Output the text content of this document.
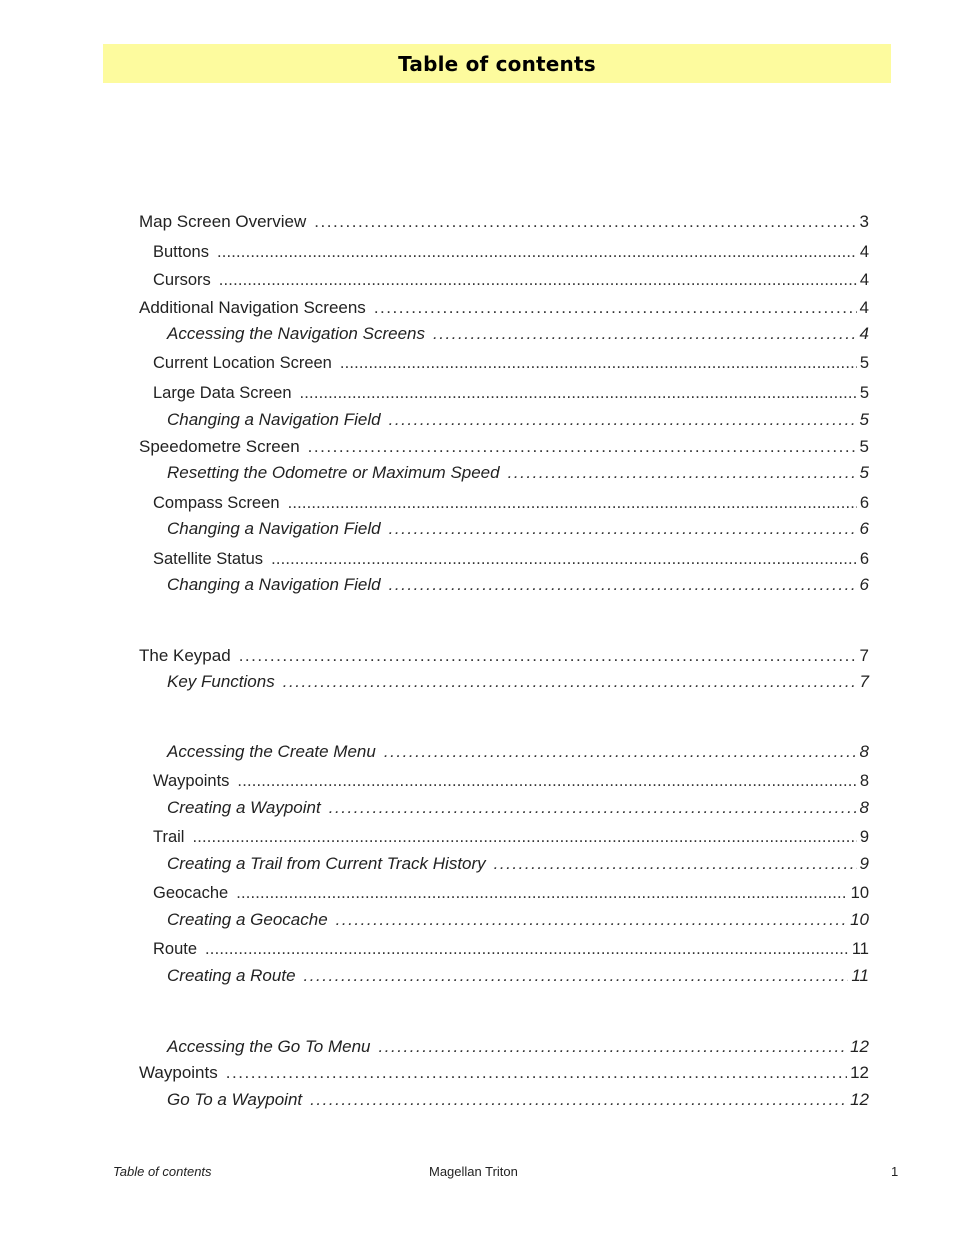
Table of contents
Map Screen Overview . . .	3
Buttons . . .	4
Cursors . . .	4
Additional Navigation Screens . . .	4
Accessing the Navigation Screens . . .	4
Current Location Screen . . .	5
Large Data Screen . . .	5
Changing a Navigation Field . . .	5
Speedometre Screen . . .	5
Resetting the Odometre or Maximum Speed . . .	5
Compass Screen . . .	6
Changing a Navigation Field . . .	6
Satellite Status . . .	6
Changing a Navigation Field . . .	6
The Keypad . . .	7
Key Functions . . .	7
Accessing the Create Menu . . .	8
Waypoints . . .	8
Creating a Waypoint . . .	8
Trail . . .	9
Creating a Trail from Current Track History . . .	9
Geocache . . .	10
Creating a Geocache . . .	10
Route . . .	11
Creating a Route . . .	11
Accessing the Go To Menu . . .	12
Waypoints . . .	12
Go To a Waypoint . . .	12
Table of contents	Magellan Triton	1
